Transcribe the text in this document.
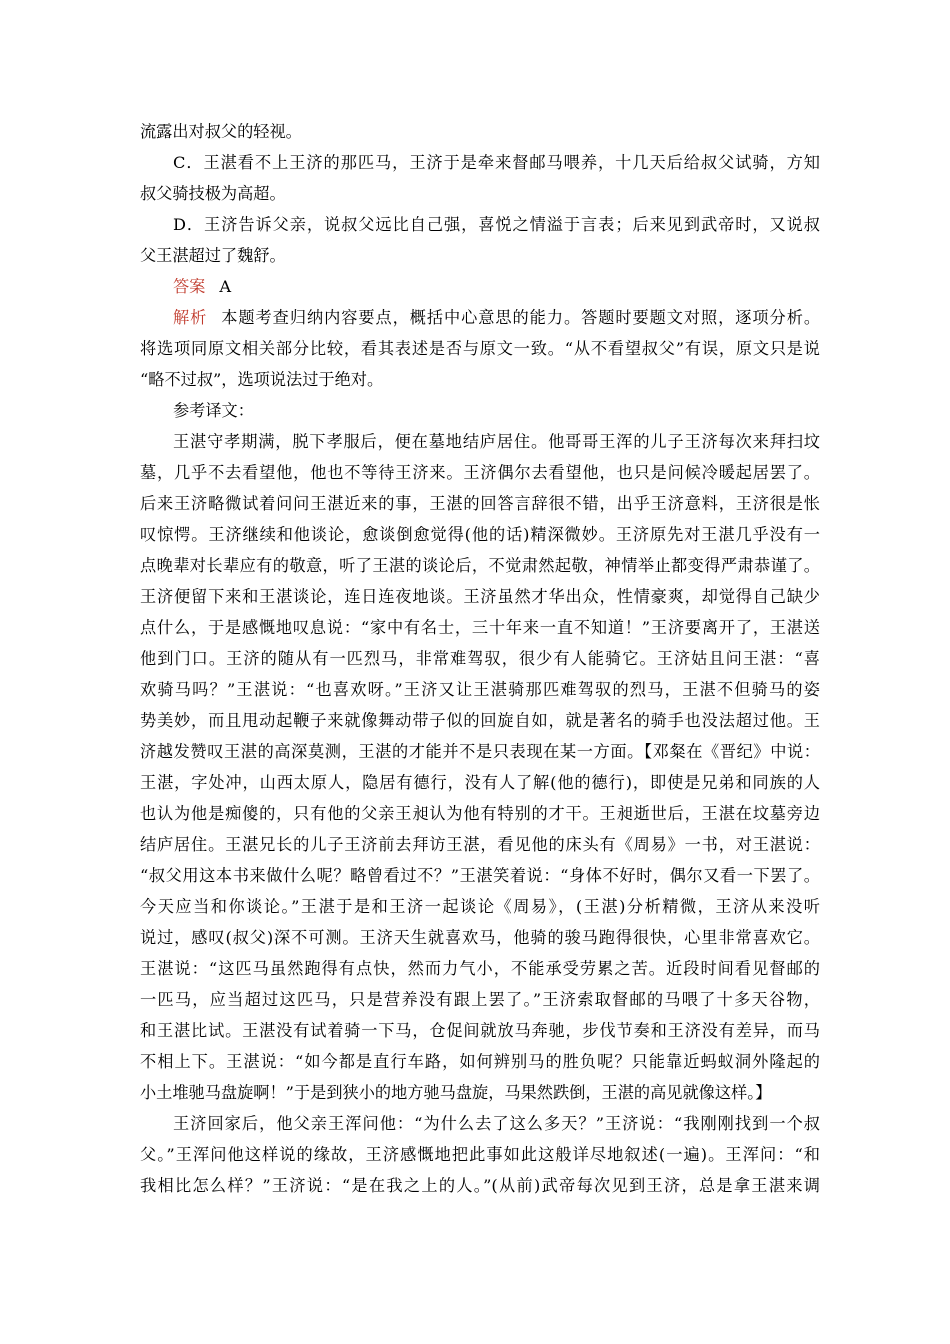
流露出对叔父的轻视。
C．王湛看不上王济的那匹马，王济于是牵来督邮马喂养，十几天后给叔父试骑，方知
叔父骑技极为高超。
D．王济告诉父亲，说叔父远比自己强，喜悦之情溢于言表；后来见到武帝时，又说叔
父王湛超过了魏舒。
答案 A
解析 本题考查归纳内容要点，概括中心意思的能力。答题时要题文对照，逐项分析。
将选项同原文相关部分比较，看其表述是否与原文一致。“从不看望叔父”有误，原文只是说
“略不过叔”，选项说法过于绝对。
参考译文：
王湛守孝期满，脱下孝服后，便在墓地结庐居住。他哥哥王浑的儿子王济每次来拜扫坟
墓，几乎不去看望他，他也不等待王济来。王济偶尔去看望他，也只是问候冷暖起居罢了。
后来王济略微试着问问王湛近来的事，王湛的回答言辞很不错，出乎王济意料，王济很是怅
叹惊愕。王济继续和他谈论，愈谈倒愈觉得(他的话)精深微妙。王济原先对王湛几乎没有一
点晚辈对长辈应有的敬意，听了王湛的谈论后，不觉肃然起敬，神情举止都变得严肃恭谨了。
王济便留下来和王湛谈论，连日连夜地谈。王济虽然才华出众，性情豪爽，却觉得自己缺少
点什么，于是感慨地叹息说：“家中有名士，三十年来一直不知道！”王济要离开了，王湛送
他到门口。王济的随从有一匹烈马，非常难驾驭，很少有人能骑它。王济姑且问王湛：“喜
欢骑马吗？”王湛说：“也喜欢呀。”王济又让王湛骑那匹难驾驭的烈马，王湛不但骑马的姿
势美妙，而且甩动起鞭子来就像舞动带子似的回旋自如，就是著名的骑手也没法超过他。王
济越发赞叹王湛的高深莫测，王湛的才能并不是只表现在某一方面。【邓粲在《晋纪》中说：
王湛，字处冲，山西太原人，隐居有德行，没有人了解(他的德行)，即使是兄弟和同族的人
也认为他是痴傻的，只有他的父亲王昶认为他有特别的才干。王昶逝世后，王湛在坟墓旁边
结庐居住。王湛兄长的儿子王济前去拜访王湛，看见他的床头有《周易》一书，对王湛说：
“叔父用这本书来做什么呢？略曾看过不？”王湛笑着说：“身体不好时，偶尔又看一下罢了。
今天应当和你谈论。”王湛于是和王济一起谈论《周易》，(王湛)分析精微，王济从来没听
说过，感叹(叔父)深不可测。王济天生就喜欢马，他骑的骏马跑得很快，心里非常喜欢它。
王湛说：“这匹马虽然跑得有点快，然而力气小，不能承受劳累之苦。近段时间看见督邮的
一匹马，应当超过这匹马，只是营养没有跟上罢了。”王济索取督邮的马喂了十多天谷物，
和王湛比试。王湛没有试着骑一下马，仓促间就放马奔驰，步伐节奏和王济没有差异，而马
不相上下。王湛说：“如今都是直行车路，如何辨别马的胜负呢？只能靠近蚂蚁洞外隆起的
小土堆驰马盘旋啊！”于是到狭小的地方驰马盘旋，马果然跌倒，王湛的高见就像这样。】
王济回家后，他父亲王浑问他：“为什么去了这么多天？”王济说：“我刚刚找到一个叔
父。”王浑问他这样说的缘故，王济感慨地把此事如此这般详尽地叙述(一遍)。王浑问：“和
我相比怎么样？”王济说：“是在我之上的人。”(从前)武帝每次见到王济，总是拿王湛来调
